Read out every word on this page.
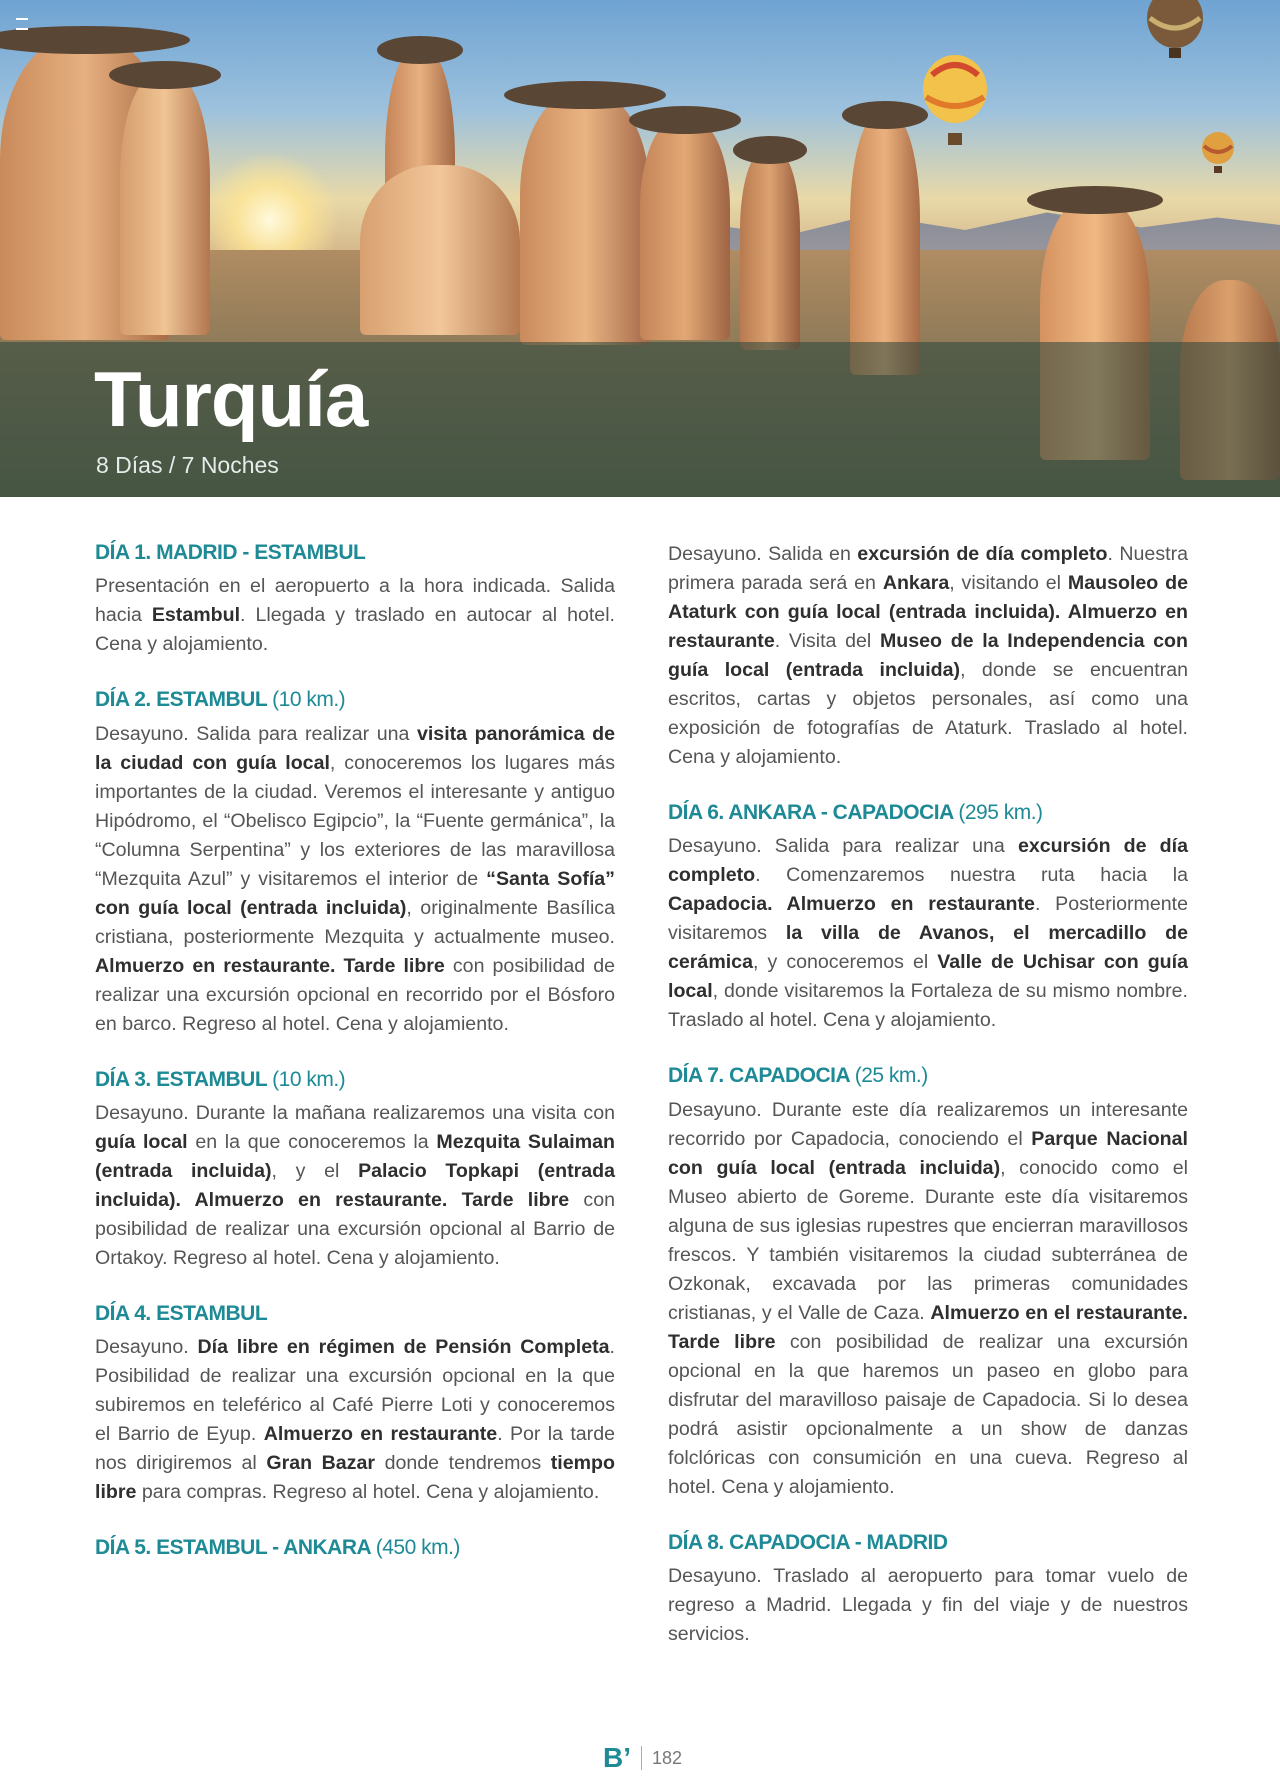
Turquía

8 Días / 7 Noches

DÍA 1. MADRID - ESTAMBUL

Presentación en el aeropuerto a la hora indicada. Salida hacia Estambul. Llegada y traslado en autocar al hotel. Cena y alojamiento.

DÍA 2. ESTAMBUL (10 km.)

Desayuno. Salida para realizar una visita panorámica de la ciudad con guía local, conoceremos los lugares más importantes de la ciudad. Veremos el interesante y antiguo Hipódromo, el “Obelisco Egipcio”, la “Fuente germánica”, la “Columna Serpentina” y los exteriores de las maravillosa “Mezquita Azul” y visitaremos el interior de “Santa Sofía” con guía local (entrada incluida), originalmente Basílica cristiana, posteriormente Mezquita y actualmente museo. Almuerzo en restaurante. Tarde libre con posibilidad de realizar una excursión opcional en recorrido por el Bósforo en barco. Regreso al hotel. Cena y alojamiento.

DÍA 3. ESTAMBUL (10 km.)

Desayuno. Durante la mañana realizaremos una visita con guía local en la que conoceremos la Mezquita Sulaiman (entrada incluida), y el Palacio Topkapi (entrada incluida). Almuerzo en restaurante. Tarde libre con posibilidad de realizar una excursión opcional al Barrio de Ortakoy. Regreso al hotel. Cena y alojamiento.

DÍA 4. ESTAMBUL

Desayuno. Día libre en régimen de Pensión Completa. Posibilidad de realizar una excursión opcional en la que subiremos en teleférico al Café Pierre Loti y conoceremos el Barrio de Eyup. Almuerzo en restaurante. Por la tarde nos dirigiremos al Gran Bazar donde tendremos tiempo libre para compras. Regreso al hotel. Cena y alojamiento.

DÍA 5. ESTAMBUL - ANKARA (450 km.)

Desayuno. Salida en excursión de día completo. Nuestra primera parada será en Ankara, visitando el Mausoleo de Ataturk con guía local (entrada incluida). Almuerzo en restaurante. Visita del Museo de la Independencia con guía local (entrada incluida), donde se encuentran escritos, cartas y objetos personales, así como una exposición de fotografías de Ataturk. Traslado al hotel. Cena y alojamiento.

DÍA 6. ANKARA - CAPADOCIA (295 km.)

Desayuno. Salida para realizar una excursión de día completo. Comenzaremos nuestra ruta hacia la Capadocia. Almuerzo en restaurante. Posteriormente visitaremos la villa de Avanos, el mercadillo de cerámica, y conoceremos el Valle de Uchisar con guía local, donde visitaremos la Fortaleza de su mismo nombre. Traslado al hotel. Cena y alojamiento.

DÍA 7. CAPADOCIA (25 km.)

Desayuno. Durante este día realizaremos un interesante recorrido por Capadocia, conociendo el Parque Nacional con guía local (entrada incluida), conocido como el Museo abierto de Goreme. Durante este día visitaremos alguna de sus iglesias rupestres que encierran maravillosos frescos. Y también visitaremos la ciudad subterránea de Ozkonak, excavada por las primeras comunidades cristianas, y el Valle de Caza. Almuerzo en el restaurante. Tarde libre con posibilidad de realizar una excursión opcional en la que haremos un paseo en globo para disfrutar del maravilloso paisaje de Capadocia. Si lo desea podrá asistir opcionalmente a un show de danzas folclóricas con consumición en una cueva. Regreso al hotel. Cena y alojamiento.

DÍA 8. CAPADOCIA - MADRID

Desayuno. Traslado al aeropuerto para tomar vuelo de regreso a Madrid. Llegada y fin del viaje y de nuestros servicios.

B’ 182
